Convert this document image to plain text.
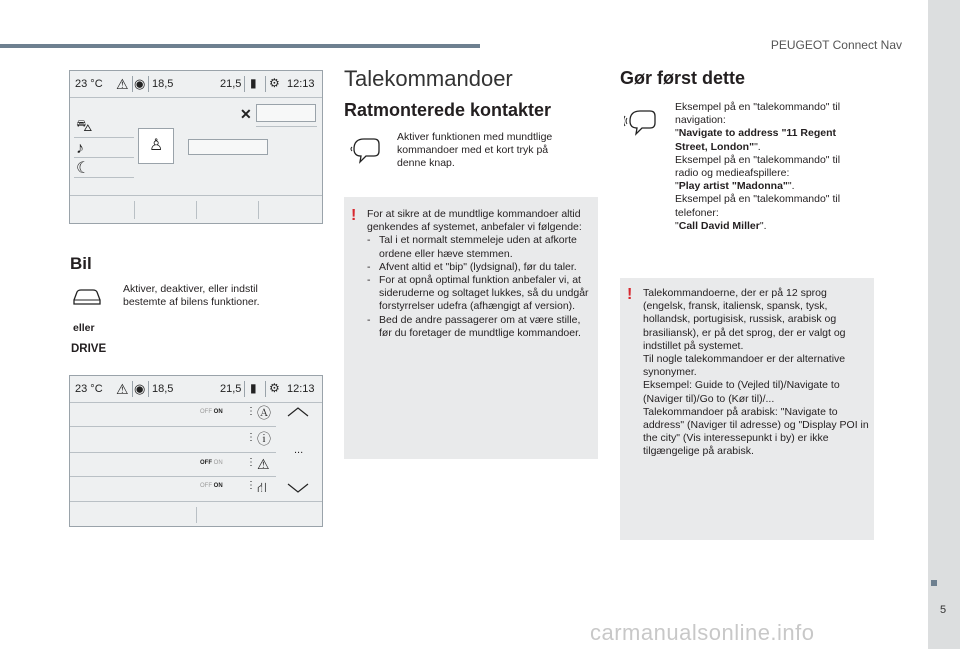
PEUGEOT Connect Nav
5
23 °C ⚠ ◉ 18,5	21,5 ▮ ⚙ 12:13
✕
⛍
♪
☾
♙
Bil
Aktiver, deaktiver, eller indstil bestemte af bilens funktioner.
eller
DRIVE
23 °C ⚠ ◉ 18,5	21,5 ▮ ⚙ 12:13
OFF ON ⋮ Ⓐ
⋮ ⓘ
...
OFF ON ⋮ ⚠
OFF ON ⋮ ⛙
Talekommandoer
Ratmonterede kontakter
Aktiver funktionen med mundtlige kommandoer med et kort tryk på denne knap.
! For at sikre at de mundtlige kommandoer altid genkendes af systemet, anbefaler vi følgende:
- Tal i et normalt stemmeleje uden at afkorte ordene eller hæve stemmen.
- Afvent altid et "bip" (lydsignal), før du taler.
- For at opnå optimal funktion anbefaler vi, at sideruderne og soltaget lukkes, så du undgår forstyrrelser udefra (afhængigt af version).
- Bed de andre passagerer om at være stille, før du foretager de mundtlige kommandoer.
Gør først dette
Eksempel på en "talekommando" til navigation:
"Navigate to address "11 Regent Street, London"".
Eksempel på en "talekommando" til radio og medieafspillere:
"Play artist "Madonna"".
Eksempel på en "talekommando" til telefoner:
"Call David Miller".
! Talekommandoerne, der er på 12 sprog (engelsk, fransk, italiensk, spansk, tysk, hollandsk, portugisisk, russisk, arabisk og brasiliansk), er på det sprog, der er valgt og indstillet på systemet.
Til nogle talekommandoer er der alternative synonymer.
Eksempel: Guide to (Vejled til)/Navigate to (Naviger til)/Go to (Kør til)/...
Talekommandoer på arabisk: "Navigate to address" (Naviger til adresse) og "Display POI in the city" (Vis interessepunkt i by) er ikke tilgængelige på arabisk.
carmanualsonline.info
